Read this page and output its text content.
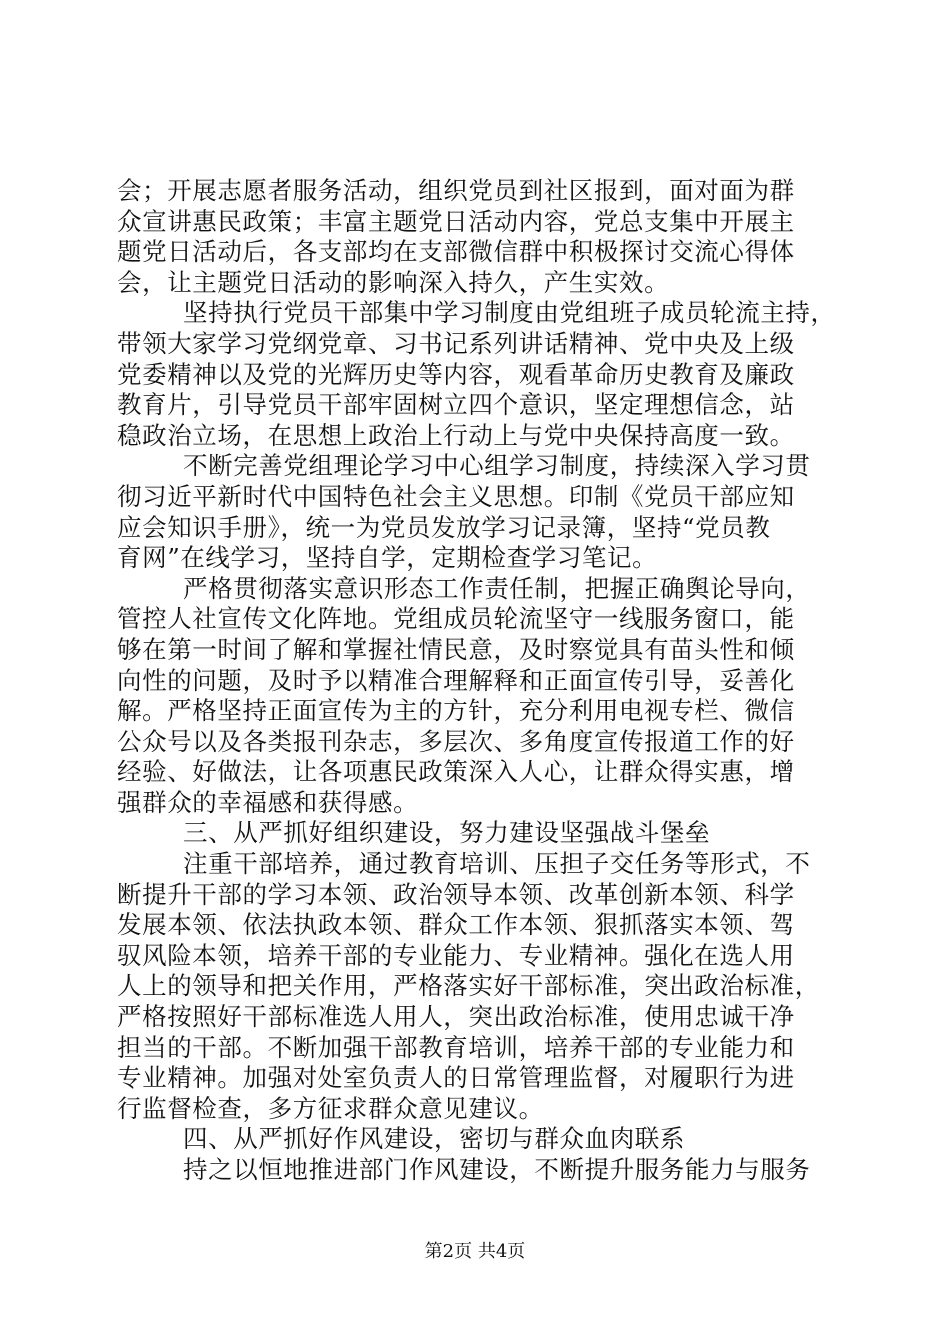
会；开展志愿者服务活动，组织党员到社区报到，面对面为群
众宣讲惠民政策；丰富主题党日活动内容，党总支集中开展主
题党日活动后，各支部均在支部微信群中积极探讨交流心得体
会，让主题党日活动的影响深入持久，产生实效。
坚持执行党员干部集中学习制度由党组班子成员轮流主持，
带领大家学习党纲党章、习书记系列讲话精神、党中央及上级
党委精神以及党的光辉历史等内容，观看革命历史教育及廉政
教育片，引导党员干部牢固树立四个意识，坚定理想信念，站
稳政治立场，在思想上政治上行动上与党中央保持高度一致。
不断完善党组理论学习中心组学习制度，持续深入学习贯
彻习近平新时代中国特色社会主义思想。印制《党员干部应知
应会知识手册》，统一为党员发放学习记录簿，坚持“党员教
育网”在线学习，坚持自学，定期检查学习笔记。
严格贯彻落实意识形态工作责任制，把握正确舆论导向，
管控人社宣传文化阵地。党组成员轮流坚守一线服务窗口，能
够在第一时间了解和掌握社情民意，及时察觉具有苗头性和倾
向性的问题，及时予以精准合理解释和正面宣传引导，妥善化
解。严格坚持正面宣传为主的方针，充分利用电视专栏、微信
公众号以及各类报刊杂志，多层次、多角度宣传报道工作的好
经验、好做法，让各项惠民政策深入人心，让群众得实惠，增
强群众的幸福感和获得感。
三、从严抓好组织建设，努力建设坚强战斗堡垒
注重干部培养，通过教育培训、压担子交任务等形式，不
断提升干部的学习本领、政治领导本领、改革创新本领、科学
发展本领、依法执政本领、群众工作本领、狠抓落实本领、驾
驭风险本领，培养干部的专业能力、专业精神。强化在选人用
人上的领导和把关作用，严格落实好干部标准，突出政治标准，
严格按照好干部标准选人用人，突出政治标准，使用忠诚干净
担当的干部。不断加强干部教育培训，培养干部的专业能力和
专业精神。加强对处室负责人的日常管理监督，对履职行为进
行监督检查，多方征求群众意见建议。
四、从严抓好作风建设，密切与群众血肉联系
持之以恒地推进部门作风建设，不断提升服务能力与服务
第2页 共4页
